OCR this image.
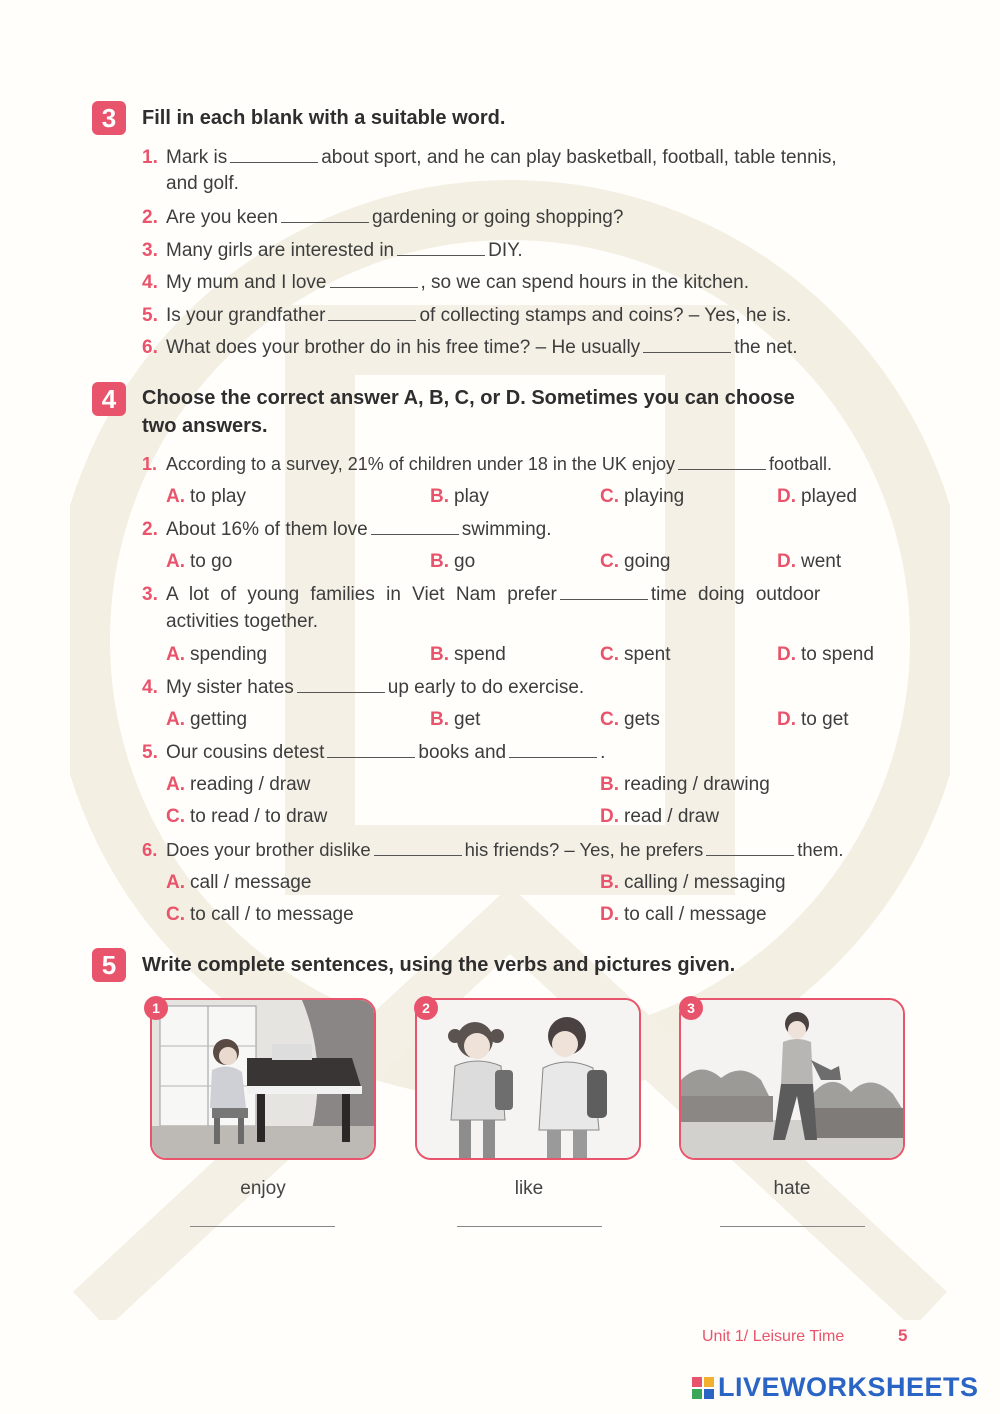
3	Fill in each blank with a suitable word.
1. Mark is	about sport, and he can play basketball, football, table tennis,
and golf.
2. Are you keen	gardening or going shopping?
3. Many girls are interested in	DIY.
4. My mum and I love	, so we can spend hours in the kitchen.
5. Is your grandfather	of collecting stamps and coins? – Yes, he is.
6. What does your brother do in his free time? – He usually	the net.
4	Choose the correct answer A, B, C, or D. Sometimes you can choose
two answers.
1. According to a survey, 21% of children under 18 in the UK enjoy	football.
A. to play	B. play	C. playing	D. played
2. About 16% of them love	swimming.
A. to go	B. go	C. going	D. went
3. A lot of young families in Viet Nam prefer	time doing outdoor
activities together.
A. spending	B. spend	C. spent	D. to spend
4. My sister hates	up early to do exercise.
A. getting	B. get	C. gets	D. to get
5. Our cousins detest	books and	.
A. reading / draw	B. reading / drawing
C. to read / to draw	D. read / draw
6. Does your brother dislike	his friends? – Yes, he prefers	them.
A. call / message	B. calling / messaging
C. to call / to message	D. to call / message
5	Write complete sentences, using the verbs and pictures given.
1	2	3
enjoy	like	hate
Unit 1/ Leisure Time	5
LIVEWORKSHEETS
